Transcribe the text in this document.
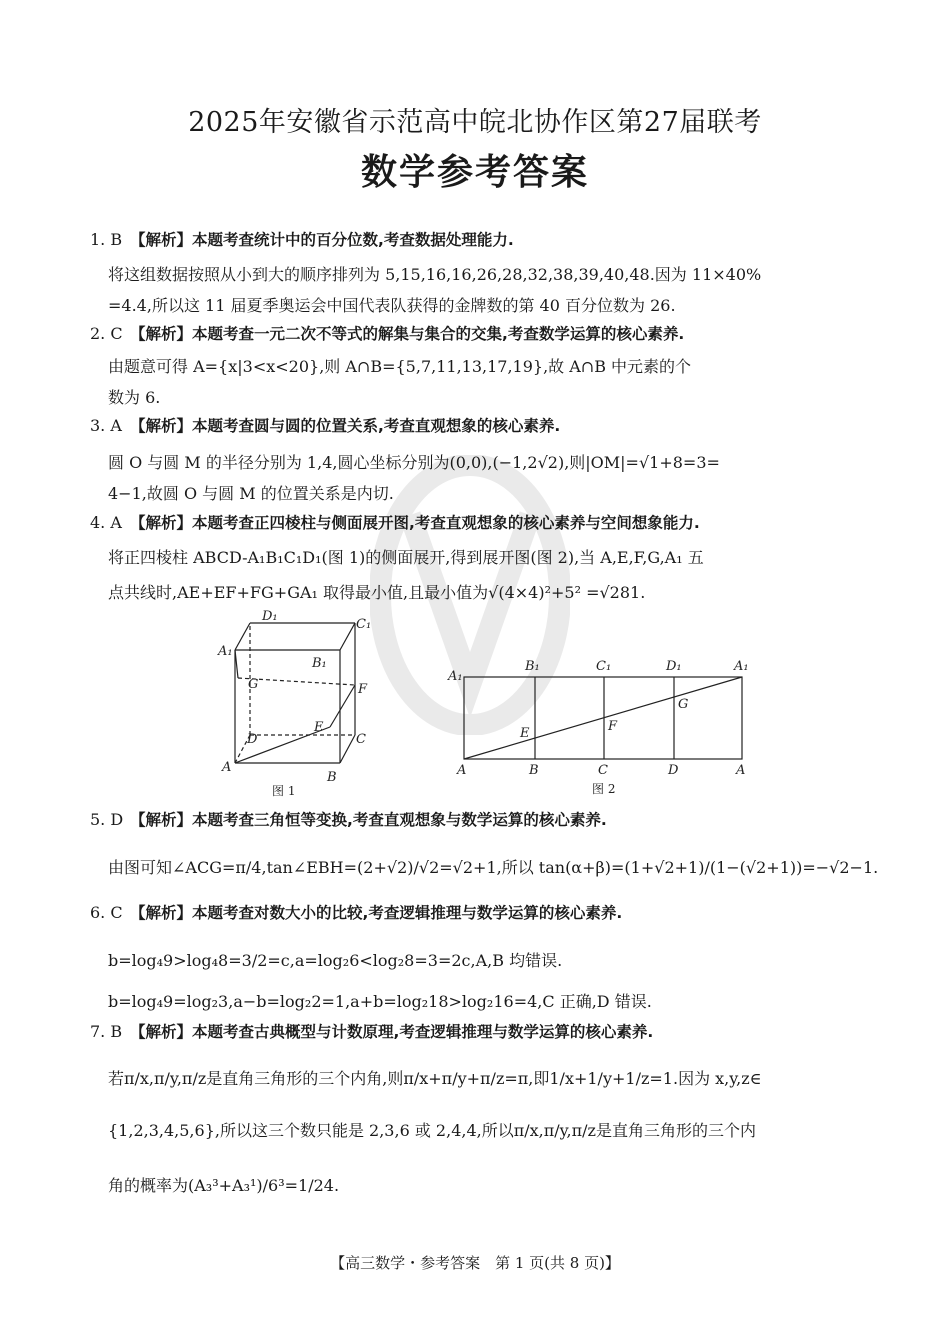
2025年安徽省示范高中皖北协作区第27届联考
数学参考答案
1. B 【解析】本题考查统计中的百分位数,考查数据处理能力.
将这组数据按照从小到大的顺序排列为 5,15,16,16,26,28,32,38,39,40,48.因为 11×40%
=4.4,所以这 11 届夏季奥运会中国代表队获得的金牌数的第 40 百分位数为 26.
2. C 【解析】本题考查一元二次不等式的解集与集合的交集,考查数学运算的核心素养.
由题意可得 A={x|3<x<20},则 A∩B={5,7,11,13,17,19},故 A∩B 中元素的个
数为 6.
3. A 【解析】本题考查圆与圆的位置关系,考查直观想象的核心素养.
圆 O 与圆 M 的半径分别为 1,4,圆心坐标分别为(0,0),(−1,2√2),则|OM|=√1+8=3=
4−1,故圆 O 与圆 M 的位置关系是内切.
4. A 【解析】本题考查正四棱柱与侧面展开图,考查直观想象的核心素养与空间想象能力.
将正四棱柱 ABCD-A₁B₁C₁D₁(图 1)的侧面展开,得到展开图(图 2),当 A,E,F,G,A₁ 五
点共线时,AE+EF+FG+GA₁ 取得最小值,且最小值为√(4×4)²+5² =√281.
D₁
C₁
A₁
B₁
G	F
E
D	C
A
B
图 1
A₁
B₁	C₁	D₁	A₁
G
F
E
A	B	C	D	A
图 2
5. D 【解析】本题考查三角恒等变换,考查直观想象与数学运算的核心素养.
由图可知∠ACG=π/4,tan∠EBH=(2+√2)/√2=√2+1,所以 tan(α+β)=(1+√2+1)/(1−(√2+1))=−√2−1.
6. C 【解析】本题考查对数大小的比较,考查逻辑推理与数学运算的核心素养.
b=log₄9>log₄8=3/2=c,a=log₂6<log₂8=3=2c,A,B 均错误.
b=log₄9=log₂3,a−b=log₂2=1,a+b=log₂18>log₂16=4,C 正确,D 错误.
7. B 【解析】本题考查古典概型与计数原理,考查逻辑推理与数学运算的核心素养.
若π/x,π/y,π/z是直角三角形的三个内角,则π/x+π/y+π/z=π,即1/x+1/y+1/z=1.因为 x,y,z∈
{1,2,3,4,5,6},所以这三个数只能是 2,3,6 或 2,4,4,所以π/x,π/y,π/z是直角三角形的三个内
角的概率为(A₃³+A₃¹)/6³=1/24.
【高三数学・参考答案　第 1 页(共 8 页)】
